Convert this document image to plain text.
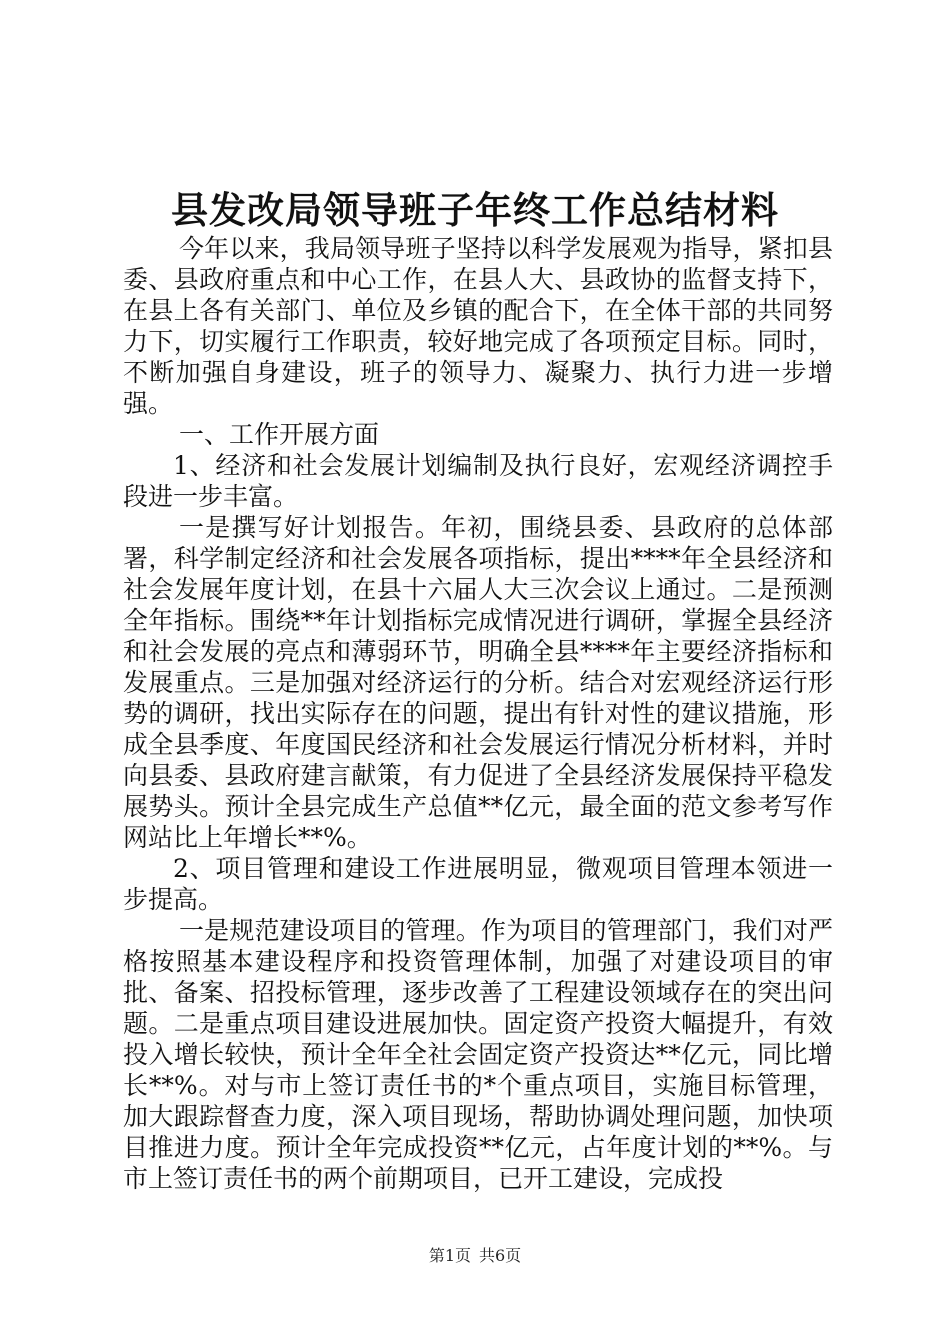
县发改局领导班子年终工作总结材料

今年以来，我局领导班子坚持以科学发展观为指导，紧扣县委、县政府重点和中心工作，在县人大、县政协的监督支持下，在县上各有关部门、单位及乡镇的配合下，在全体干部的共同努力下，切实履行工作职责，较好地完成了各项预定目标。同时，不断加强自身建设，班子的领导力、凝聚力、执行力进一步增强。

一、工作开展方面

1、经济和社会发展计划编制及执行良好，宏观经济调控手段进一步丰富。

一是撰写好计划报告。年初，围绕县委、县政府的总体部署，科学制定经济和社会发展各项指标，提出****年全县经济和社会发展年度计划，在县十六届人大三次会议上通过。二是预测全年指标。围绕**年计划指标完成情况进行调研，掌握全县经济和社会发展的亮点和薄弱环节，明确全县****年主要经济指标和发展重点。三是加强对经济运行的分析。结合对宏观经济运行形势的调研，找出实际存在的问题，提出有针对性的建议措施，形成全县季度、年度国民经济和社会发展运行情况分析材料，并时向县委、县政府建言献策，有力促进了全县经济发展保持平稳发展势头。预计全县完成生产总值**亿元，最全面的范文参考写作网站比上年增长**%。

2、项目管理和建设工作进展明显，微观项目管理本领进一步提高。

一是规范建设项目的管理。作为项目的管理部门，我们对严格按照基本建设程序和投资管理体制，加强了对建设项目的审批、备案、招投标管理，逐步改善了工程建设领域存在的突出问题。二是重点项目建设进展加快。固定资产投资大幅提升，有效投入增长较快，预计全年全社会固定资产投资达**亿元，同比增长**%。对与市上签订责任书的*个重点项目，实施目标管理，加大跟踪督查力度，深入项目现场，帮助协调处理问题，加快项目推进力度。预计全年完成投资**亿元，占年度计划的**%。与市上签订责任书的两个前期项目，已开工建设，完成投

第1页 共6页
